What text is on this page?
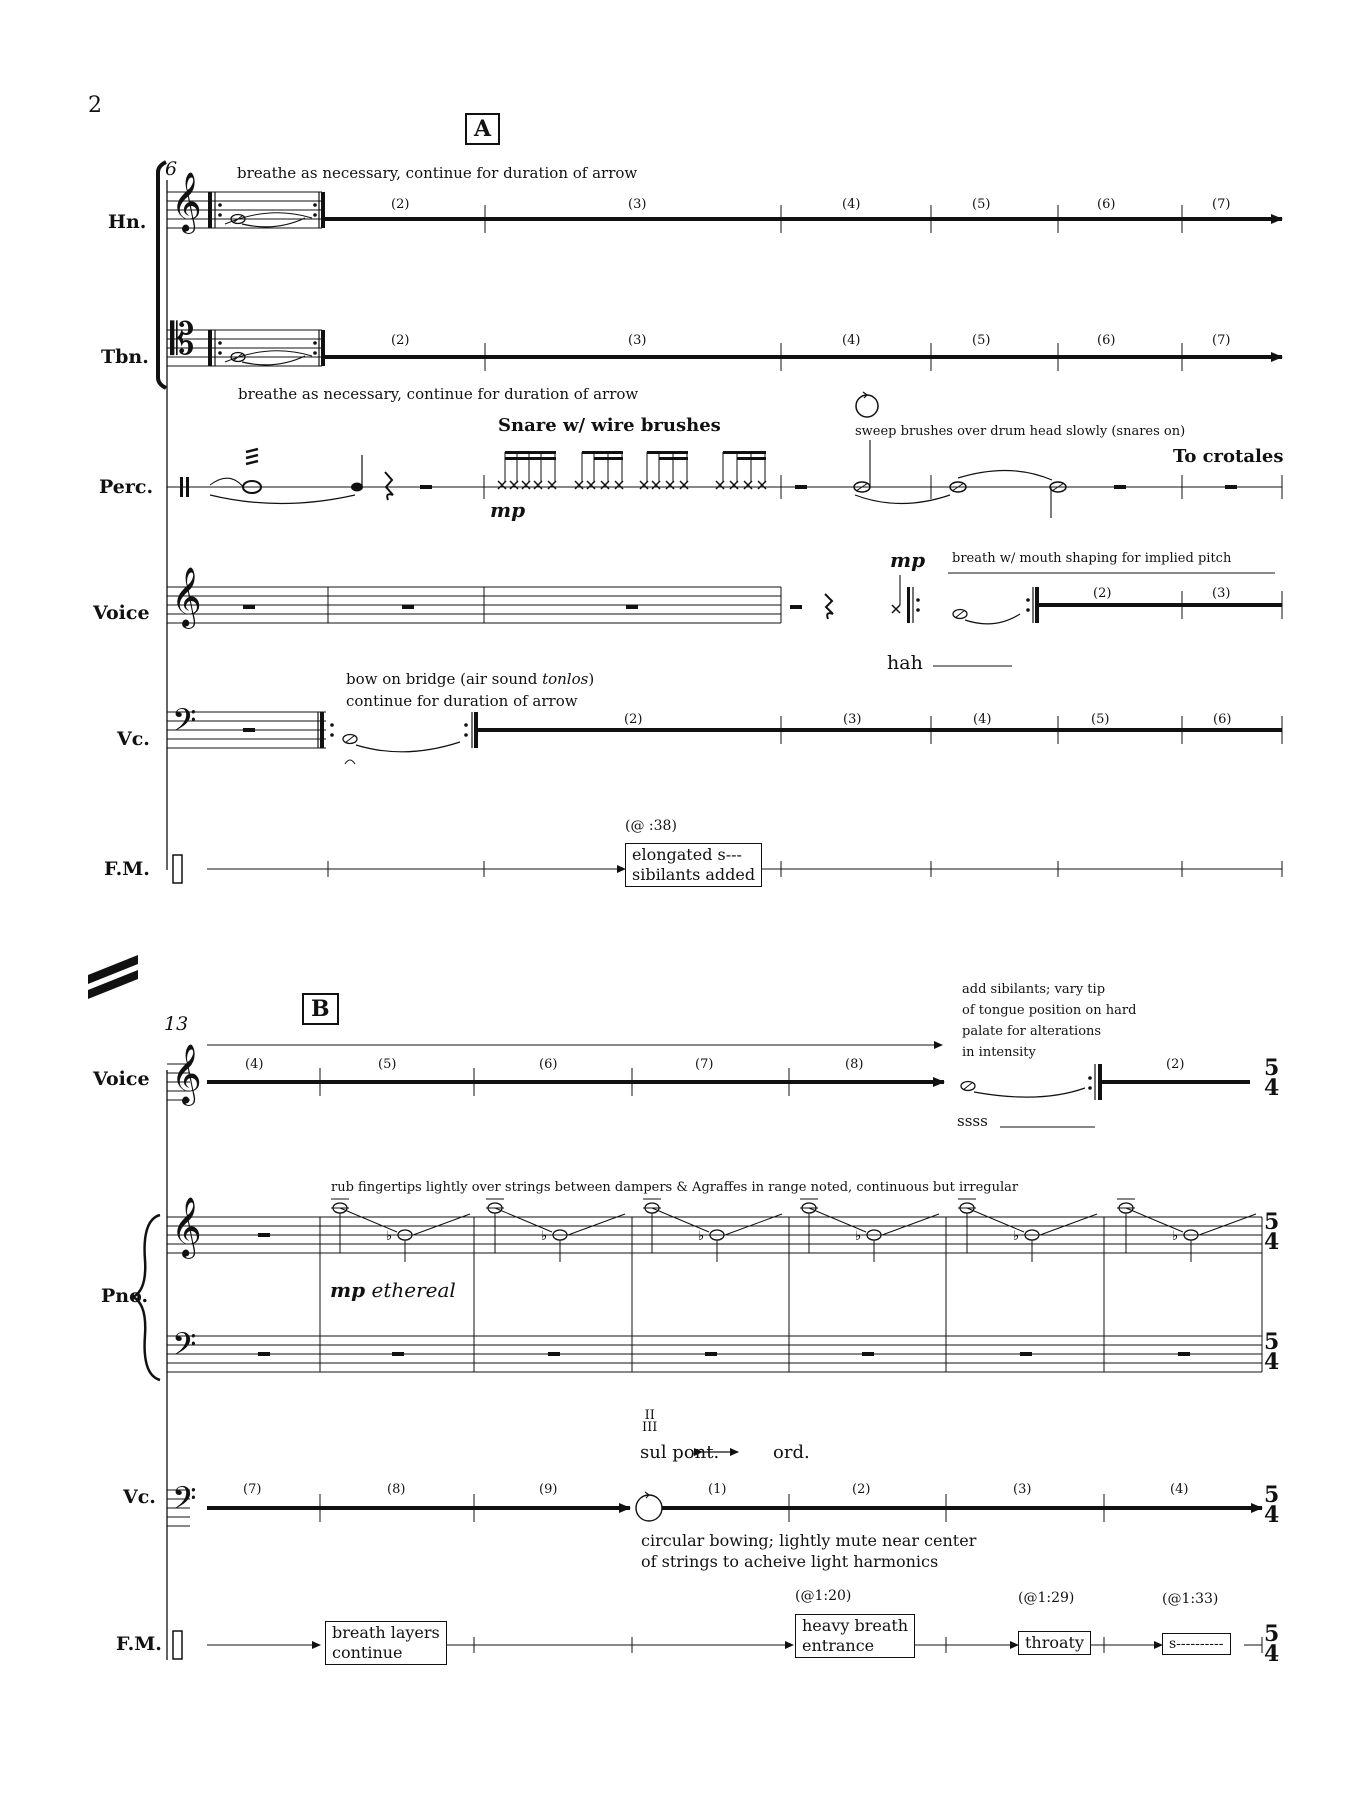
♭
𝄞
𝄡
𝄞
𝄢
𝄞
𝄞
𝄢
𝄢
2
A
6	breathe as necessary, continue for duration of arrow
Hn.
Tbn.
Perc.
Voice
Vc.
F.M.
(2)	(3)	(4)	(5)	(6)	(7)
(2)	(3)	(4)	(5)	(6)	(7)
breathe as necessary, continue for duration of arrow
Snare w/ wire brushes
mp
sweep brushes over drum head slowly (snares on)
To crotales
mp breath w/ mouth shaping for implied pitch
(2)	(3)
hah
bow on bridge (air sound tonlos)
continue for duration of arrow
(2)	(3)	(4)	(5)	(6)
(@ :38)
elongated s---
sibilants added
B
13
Voice
Pno.
Vc.
F.M.
(4)	(5)	(6)	(7)	(8)	(2)
add sibilants; vary tip
of tongue position on hard
palate for alterations
in intensity
ssss
5
4
5
4
5
4
5
4
5
4
rub fingertips lightly over strings between dampers & Agraffes in range noted, continuous but irregular
mp ethereal
(7)	(8)	(9)	(1)	(2)	(3)	(4)
II
III
sul pont.	ord.
circular bowing; lightly mute near center
of strings to acheive light harmonics
breath layers
continue
(@1:20)
heavy breath
entrance
(@1:29)
throaty
(@1:33)
s----------
